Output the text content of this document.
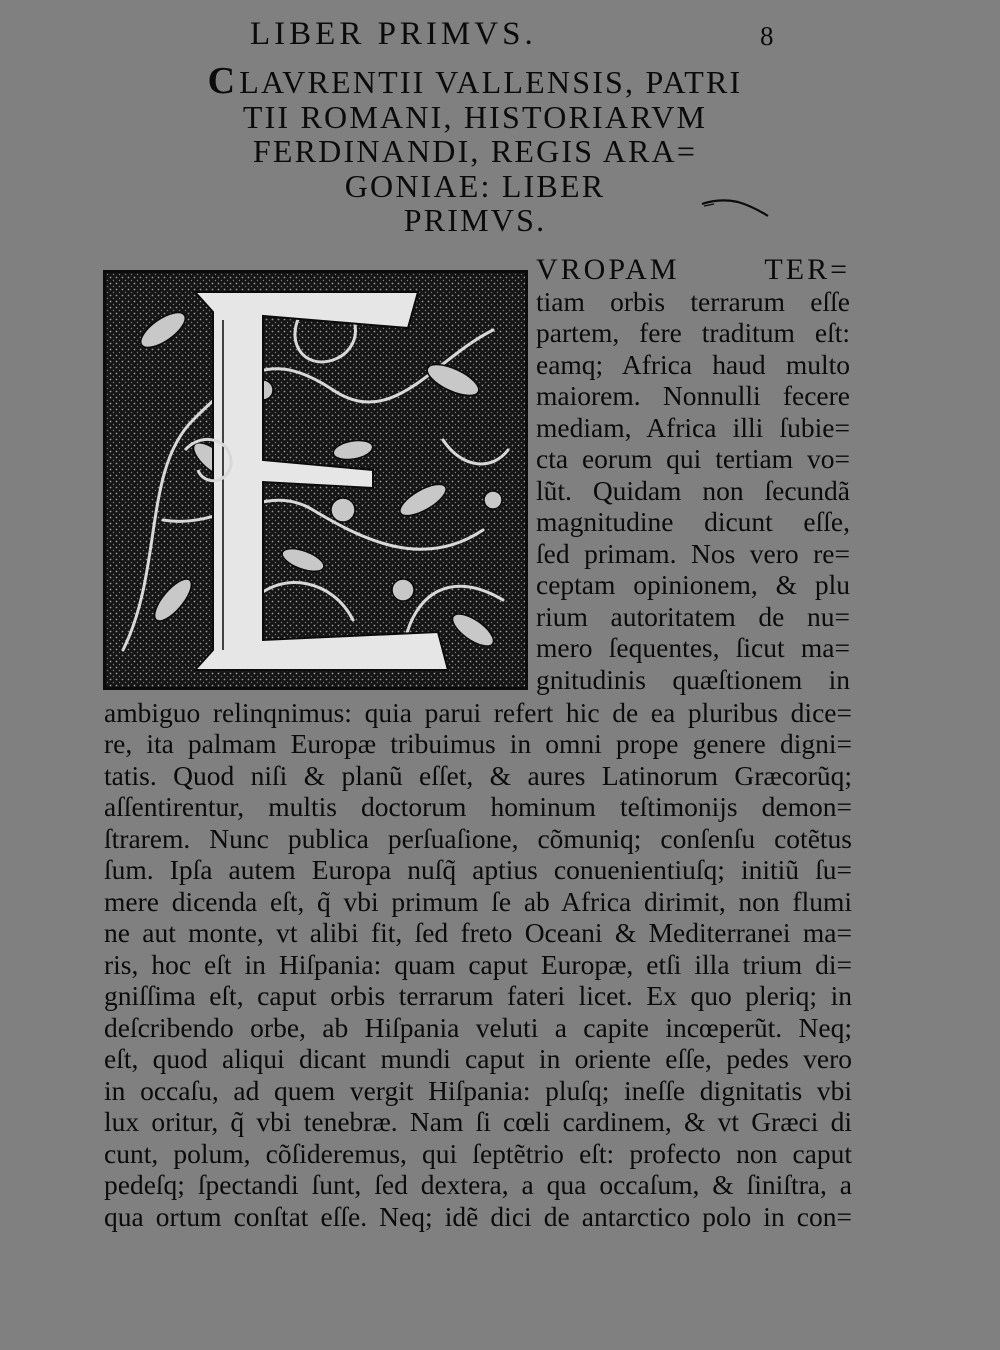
LIBER PRIMVS.	8
CLAVRENTII VALLENSIS, PATRI
TII ROMANI, HISTORIARVM
FERDINANDI, REGIS ARA=
GONIAE: LIBER
PRIMVS.
VROPAM TER=
tiam orbis terrarum eſſe
partem, fere traditum eſt:
eamq; Africa haud multo
maiorem. Nonnulli fecere
mediam, Africa illi ſubie=
cta eorum qui tertiam vo=
lũt. Quidam non ſecundã
magnitudine dicunt eſſe,
ſed primam. Nos vero re=
ceptam opinionem, & plu
rium autoritatem de nu=
mero ſequentes, ſicut ma=
gnitudinis quæſtionem in
ambiguo relinqnimus: quia parui refert hic de ea pluribus dice=
re, ita palmam Europæ tribuimus in omni prope genere digni=
tatis. Quod niſi & planũ eſſet, & aures Latinorum Græcorũq;
aſſentirentur, multis doctorum hominum teſtimonijs demon=
ſtrarem. Nunc publica perſuaſione, cõmuniq; conſenſu cotẽtus
ſum. Ipſa autem Europa nuſq̃ aptius conuenientiuſq; initiũ ſu=
mere dicenda eſt, q̃ vbi primum ſe ab Africa dirimit, non flumi
ne aut monte, vt alibi fit, ſed freto Oceani & Mediterranei ma=
ris, hoc eſt in Hiſpania: quam caput Europæ, etſi illa trium di=
gniſſima eſt, caput orbis terrarum fateri licet. Ex quo pleriq; in
deſcribendo orbe, ab Hiſpania veluti a capite incœperũt. Neq;
eſt, quod aliqui dicant mundi caput in oriente eſſe, pedes vero
in occaſu, ad quem vergit Hiſpania: pluſq; ineſſe dignitatis vbi
lux oritur, q̃ vbi tenebræ. Nam ſi cœli cardinem, & vt Græci di
cunt, polum, cõſideremus, qui ſeptẽtrio eſt: profecto non caput
pedeſq; ſpectandi ſunt, ſed dextera, a qua occaſum, & ſiniſtra, a
qua ortum conſtat eſſe. Neq; idẽ dici de antarctico polo in con=
